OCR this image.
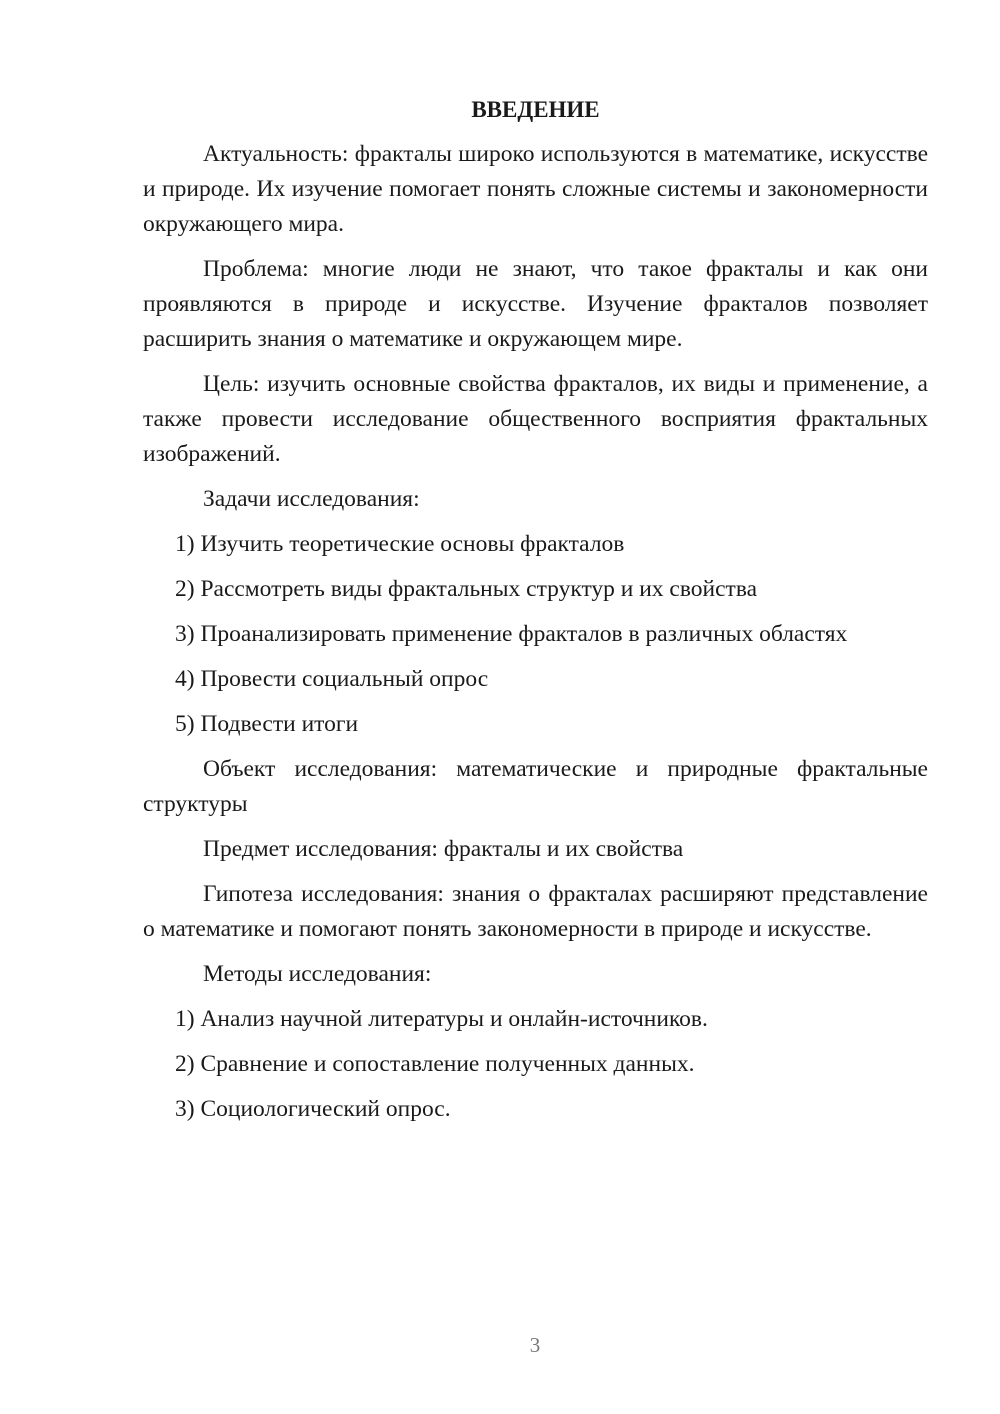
ВВЕДЕНИЕ
Актуальность: фракталы широко используются в математике, искусстве и природе. Их изучение помогает понять сложные системы и закономерности окружающего мира.
Проблема: многие люди не знают, что такое фракталы и как они проявляются в природе и искусстве. Изучение фракталов позволяет расширить знания о математике и окружающем мире.
Цель: изучить основные свойства фракталов, их виды и применение, а также провести исследование общественного восприятия фрактальных изображений.
Задачи исследования:
1) Изучить теоретические основы фракталов
2) Рассмотреть виды фрактальных структур и их свойства
3) Проанализировать применение фракталов в различных областях
4) Провести социальный опрос
5) Подвести итоги
Объект исследования: математические и природные фрактальные структуры
Предмет исследования: фракталы и их свойства
Гипотеза исследования: знания о фракталах расширяют представление о математике и помогают понять закономерности в природе и искусстве.
Методы исследования:
1) Анализ научной литературы и онлайн-источников.
2) Сравнение и сопоставление полученных данных.
3) Социологический опрос.
3
